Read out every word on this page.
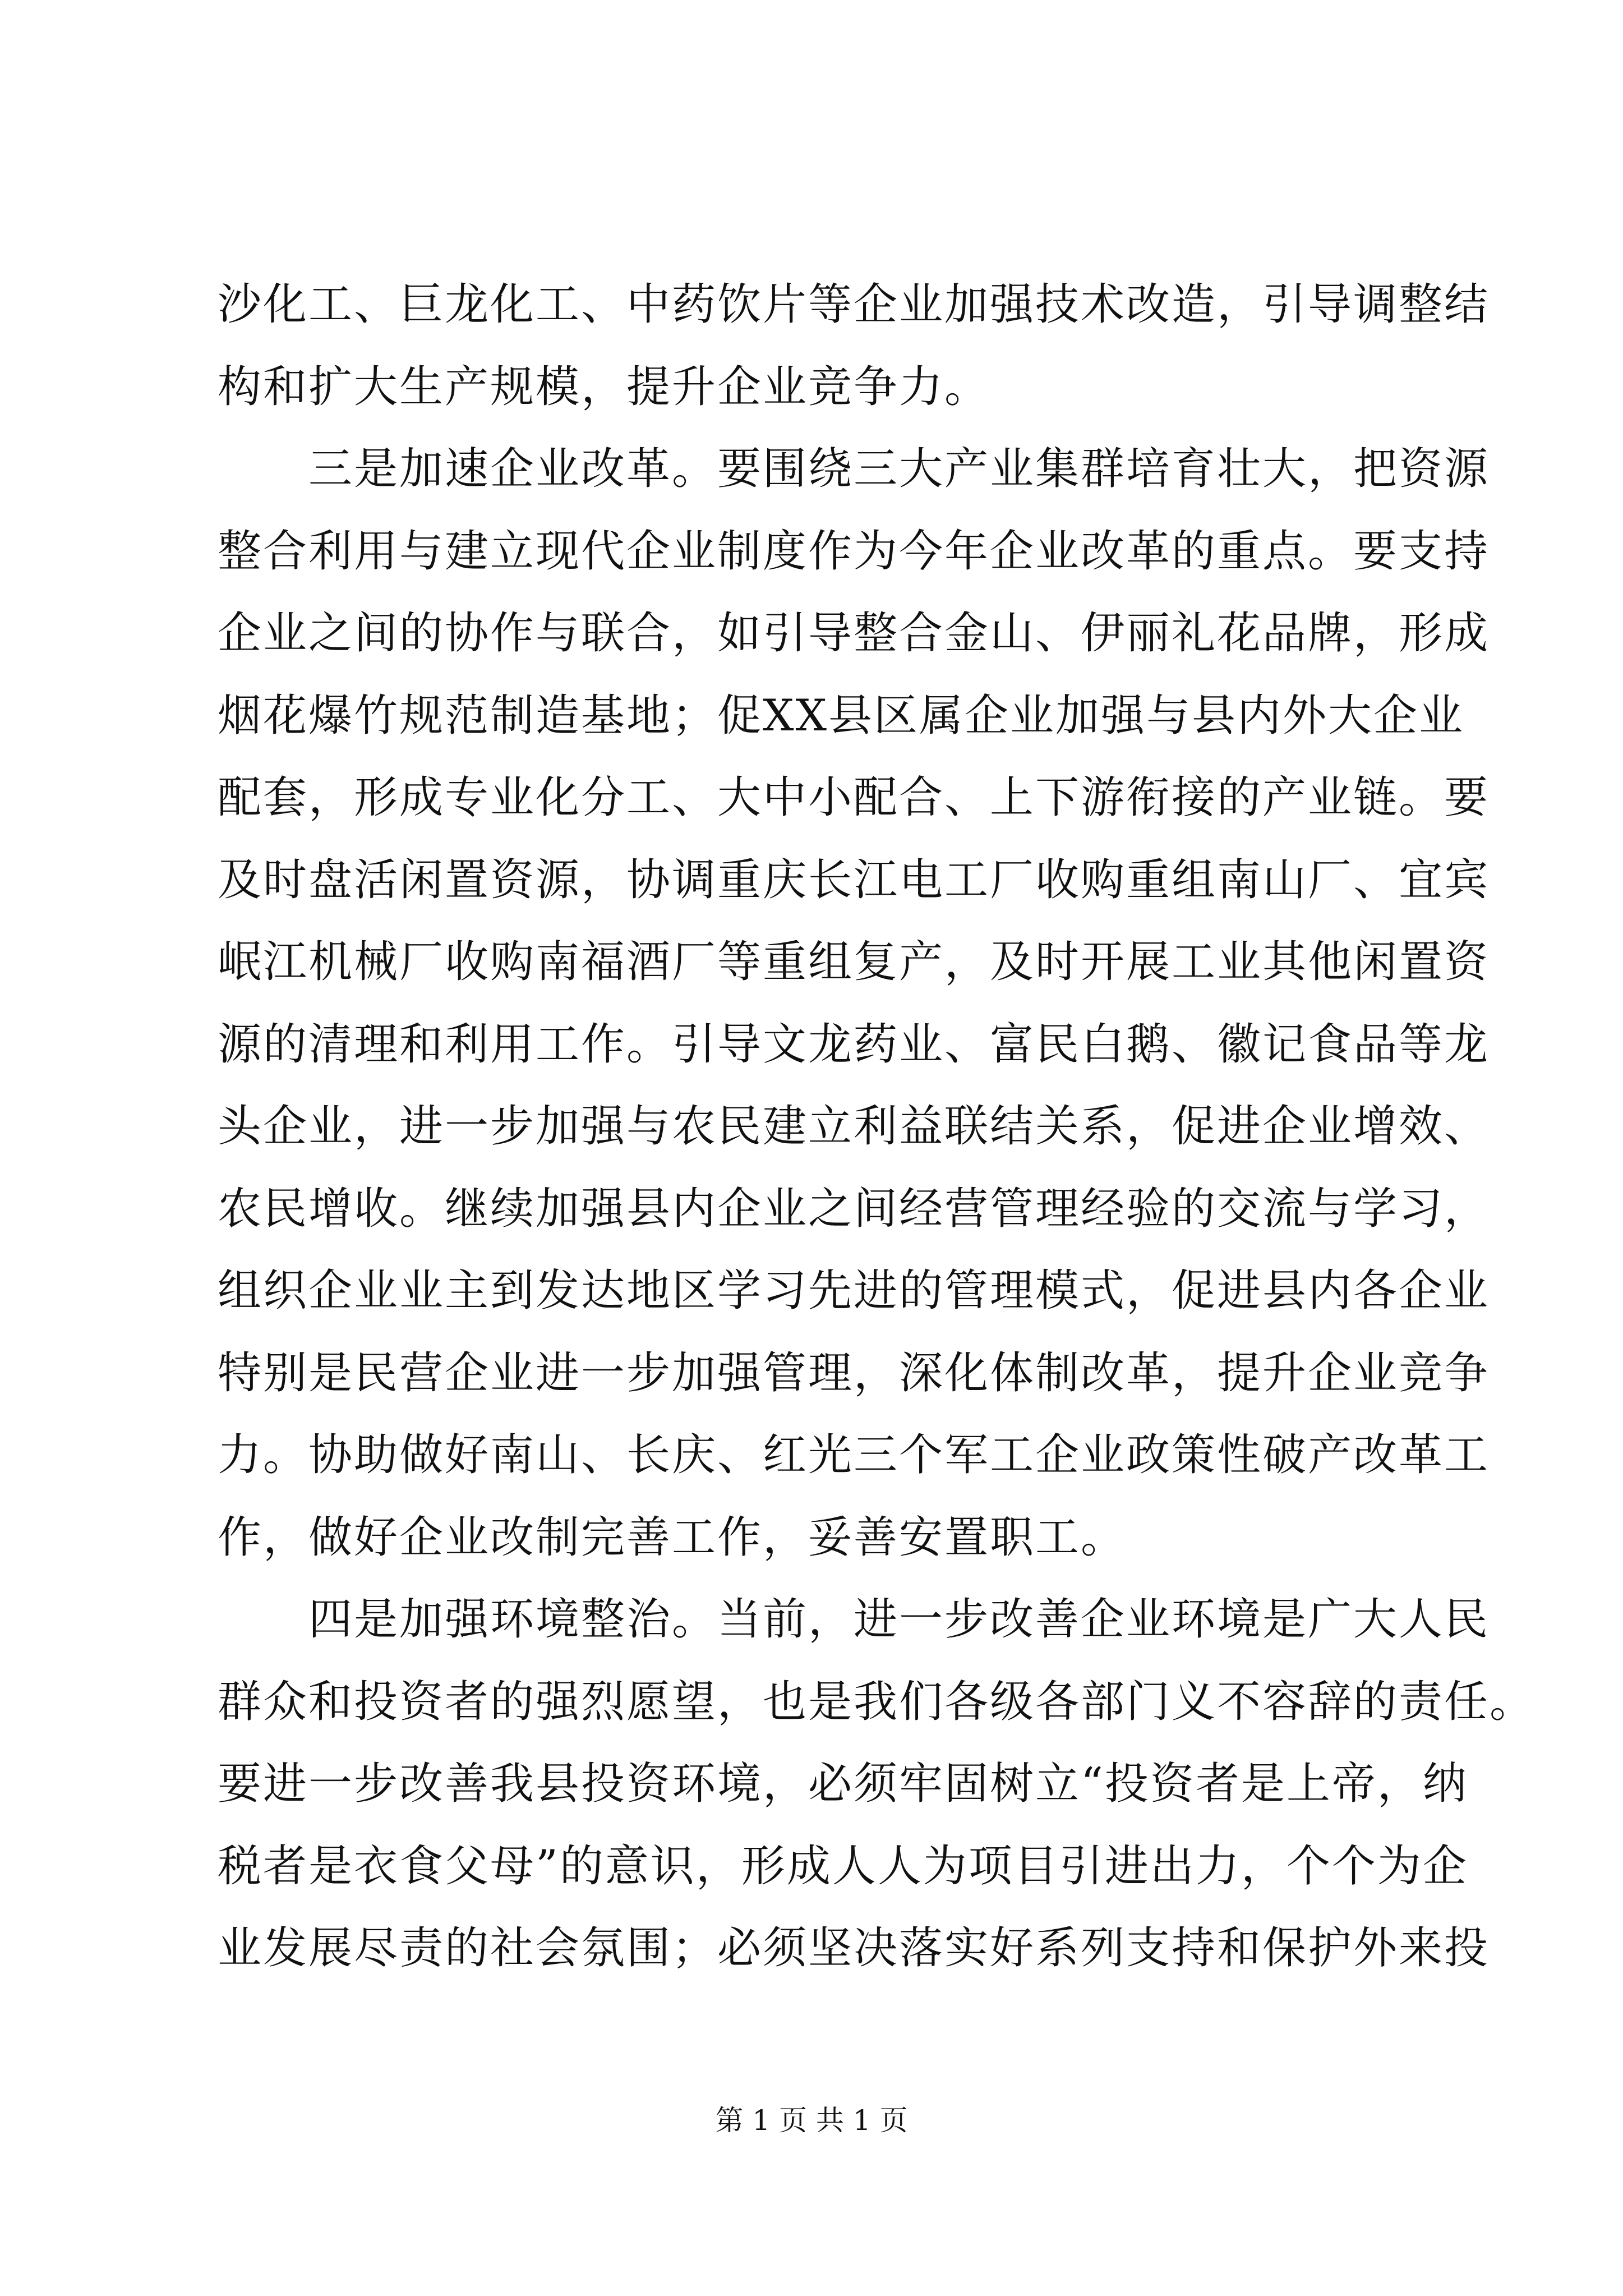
沙化工、巨龙化工、中药饮片等企业加强技术改造，引导调整结
构和扩大生产规模，提升企业竞争力。
　　三是加速企业改革。要围绕三大产业集群培育壮大，把资源
整合利用与建立现代企业制度作为今年企业改革的重点。要支持
企业之间的协作与联合，如引导整合金山、伊丽礼花品牌，形成
烟花爆竹规范制造基地；促XX县区属企业加强与县内外大企业
配套，形成专业化分工、大中小配合、上下游衔接的产业链。要
及时盘活闲置资源，协调重庆长江电工厂收购重组南山厂、宜宾
岷江机械厂收购南福酒厂等重组复产，及时开展工业其他闲置资
源的清理和利用工作。引导文龙药业、富民白鹅、徽记食品等龙
头企业，进一步加强与农民建立利益联结关系，促进企业增效、
农民增收。继续加强县内企业之间经营管理经验的交流与学习，
组织企业业主到发达地区学习先进的管理模式，促进县内各企业
特别是民营企业进一步加强管理，深化体制改革，提升企业竞争
力。协助做好南山、长庆、红光三个军工企业政策性破产改革工
作，做好企业改制完善工作，妥善安置职工。
　　四是加强环境整治。当前，进一步改善企业环境是广大人民
群众和投资者的强烈愿望，也是我们各级各部门义不容辞的责任。
要进一步改善我县投资环境，必须牢固树立“投资者是上帝，纳
税者是衣食父母”的意识，形成人人为项目引进出力，个个为企
业发展尽责的社会氛围；必须坚决落实好系列支持和保护外来投
第 1 页 共 1 页
